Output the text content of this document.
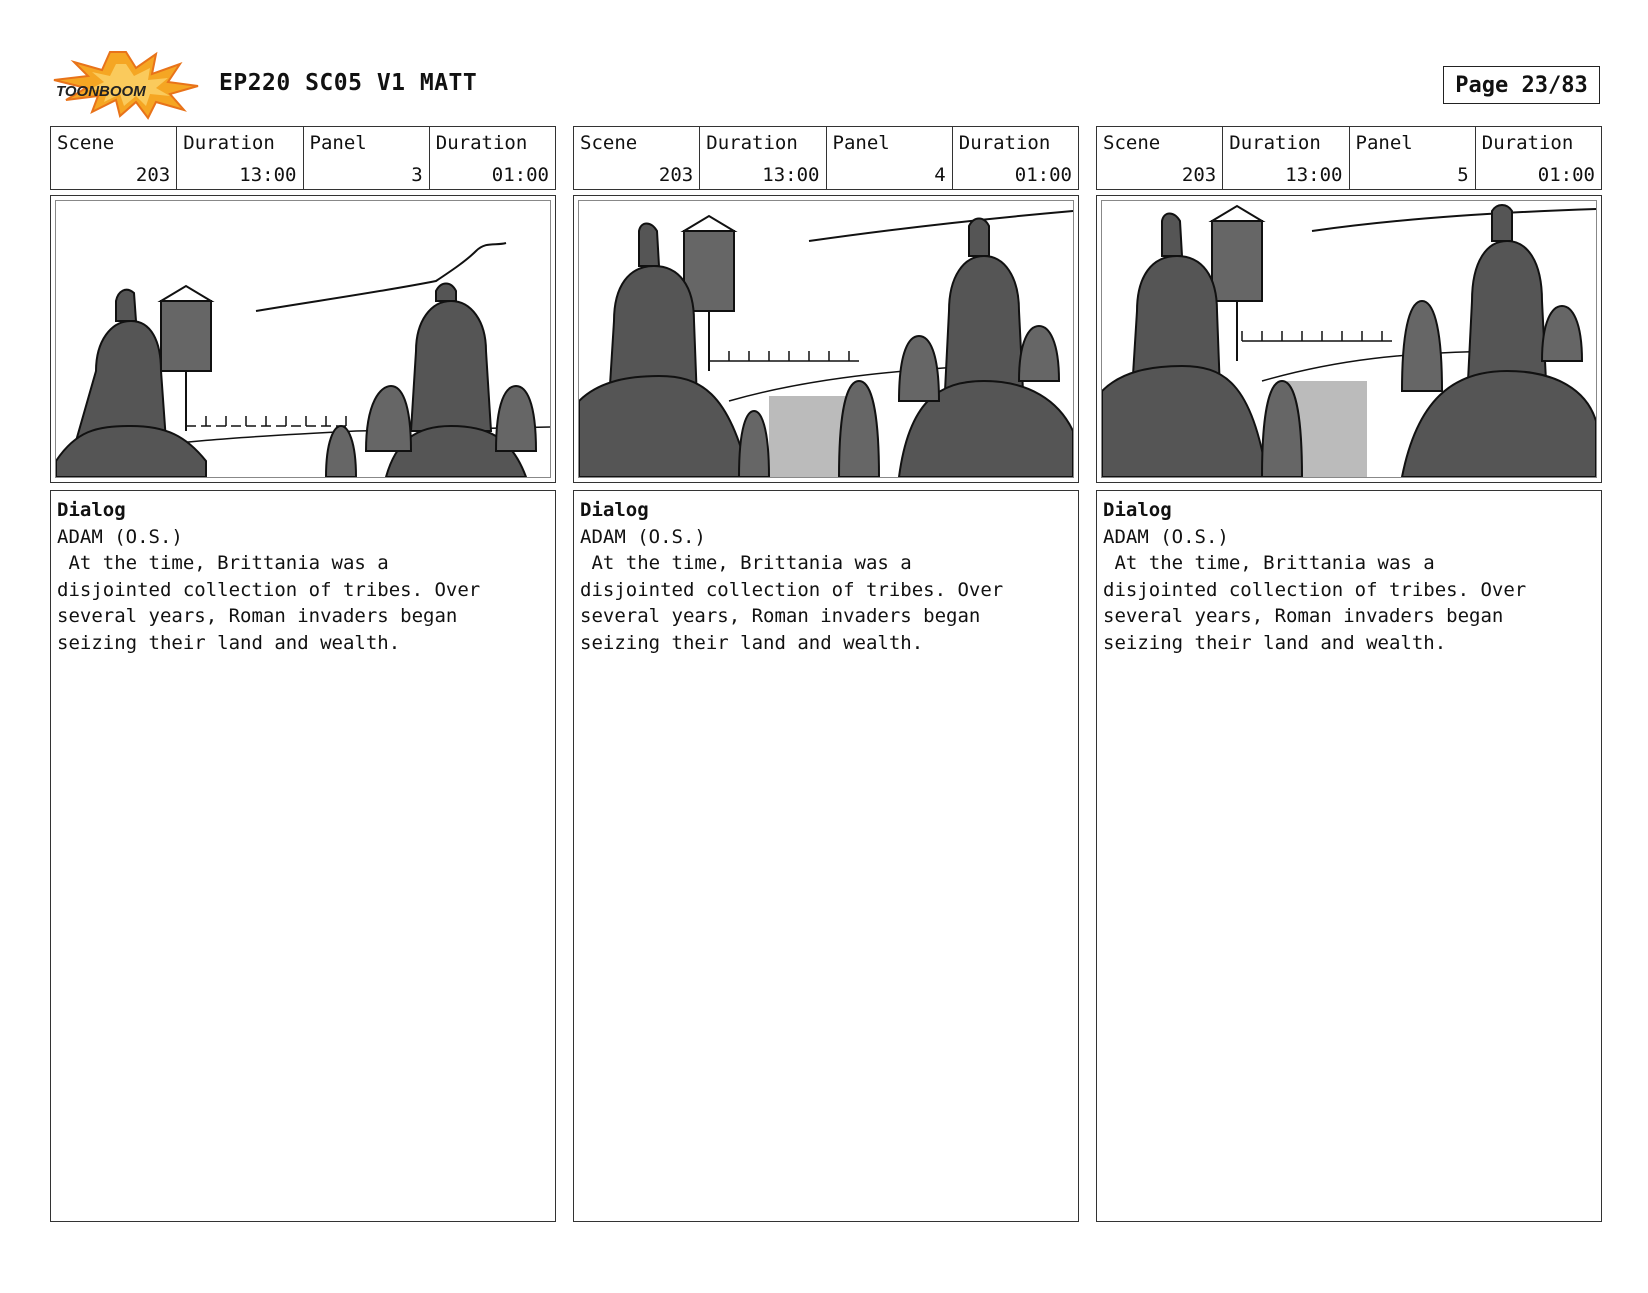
TOONBOOM	EP220 SC05 V1 MATT	Page 23/83
Scene
203
Duration
13:00
Panel
3
Duration
01:00
Dialog
ADAM (O.S.)
At the time, Brittania was a
disjointed collection of tribes. Over
several years, Roman invaders began
seizing their land and wealth.
Scene
203
Duration
13:00
Panel
4
Duration
01:00
Dialog
ADAM (O.S.)
At the time, Brittania was a
disjointed collection of tribes. Over
several years, Roman invaders began
seizing their land and wealth.
Scene
203
Duration
13:00
Panel
5
Duration
01:00
Dialog
ADAM (O.S.)
At the time, Brittania was a
disjointed collection of tribes. Over
several years, Roman invaders began
seizing their land and wealth.
